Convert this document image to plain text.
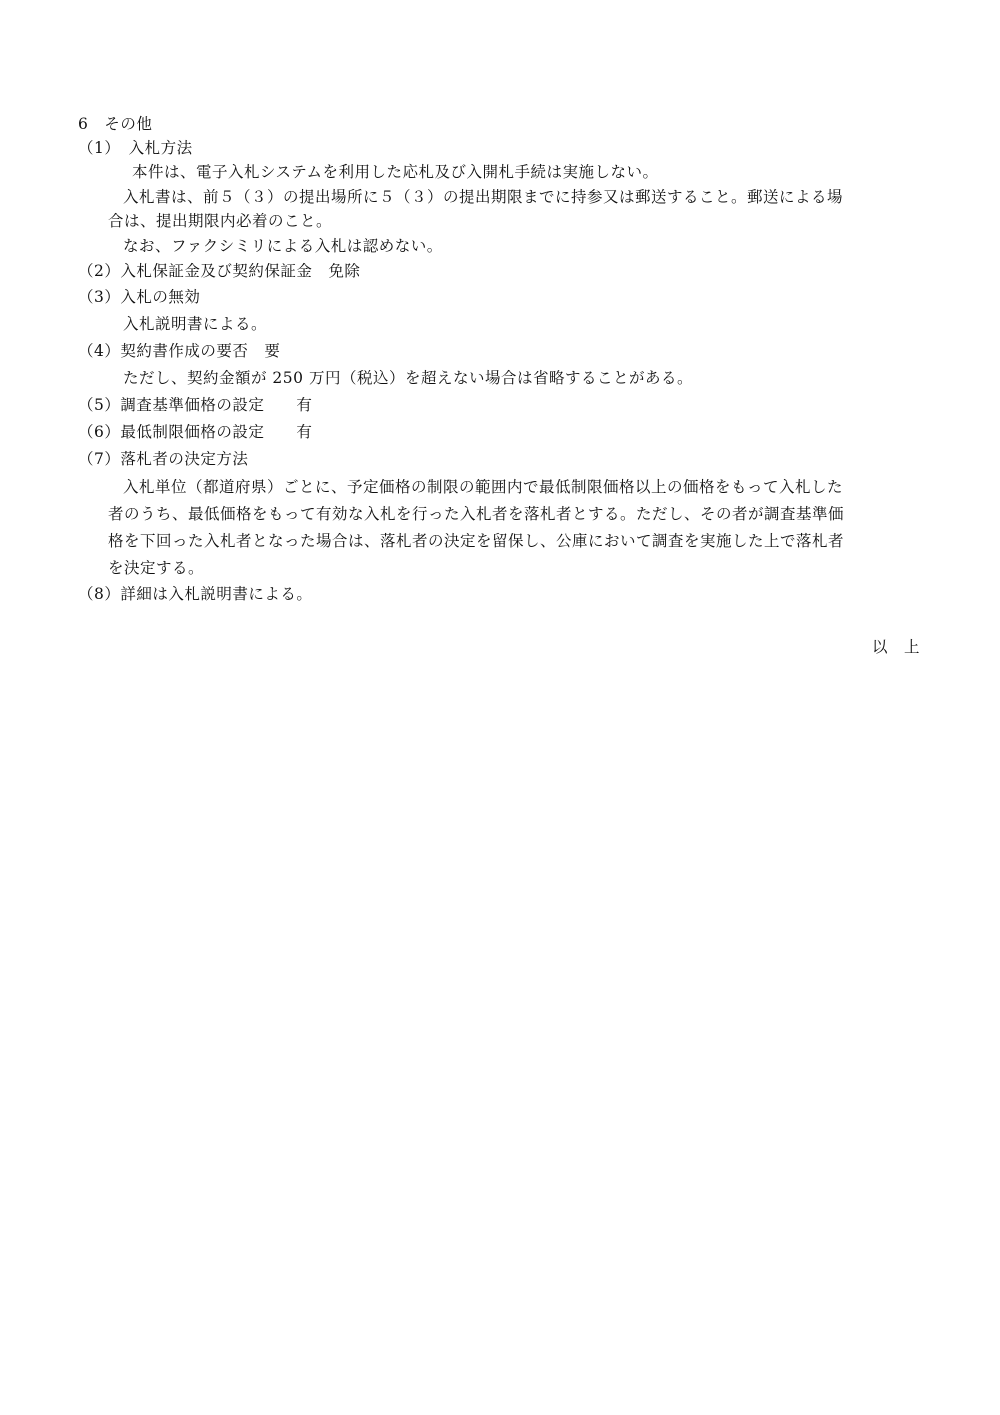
6　その他
（1）　入札方法
本件は、電子入札システムを利用した応札及び入開札手続は実施しない。
入札書は、前５（３）の提出場所に５（３）の提出期限までに持参又は郵送すること。郵送による場
合は、提出期限内必着のこと。
なお、ファクシミリによる入札は認めない。
（2）入札保証金及び契約保証金　免除
（3）入札の無効
入札説明書による。
（4）契約書作成の要否　要
ただし、契約金額が 250 万円（税込）を超えない場合は省略することがある。
（5）調査基準価格の設定　　有
（6）最低制限価格の設定　　有
（7）落札者の決定方法
入札単位（都道府県）ごとに、予定価格の制限の範囲内で最低制限価格以上の価格をもって入札した
者のうち、最低価格をもって有効な入札を行った入札者を落札者とする。ただし、その者が調査基準価
格を下回った入札者となった場合は、落札者の決定を留保し、公庫において調査を実施した上で落札者
を決定する。
（8）詳細は入札説明書による。
以　上
